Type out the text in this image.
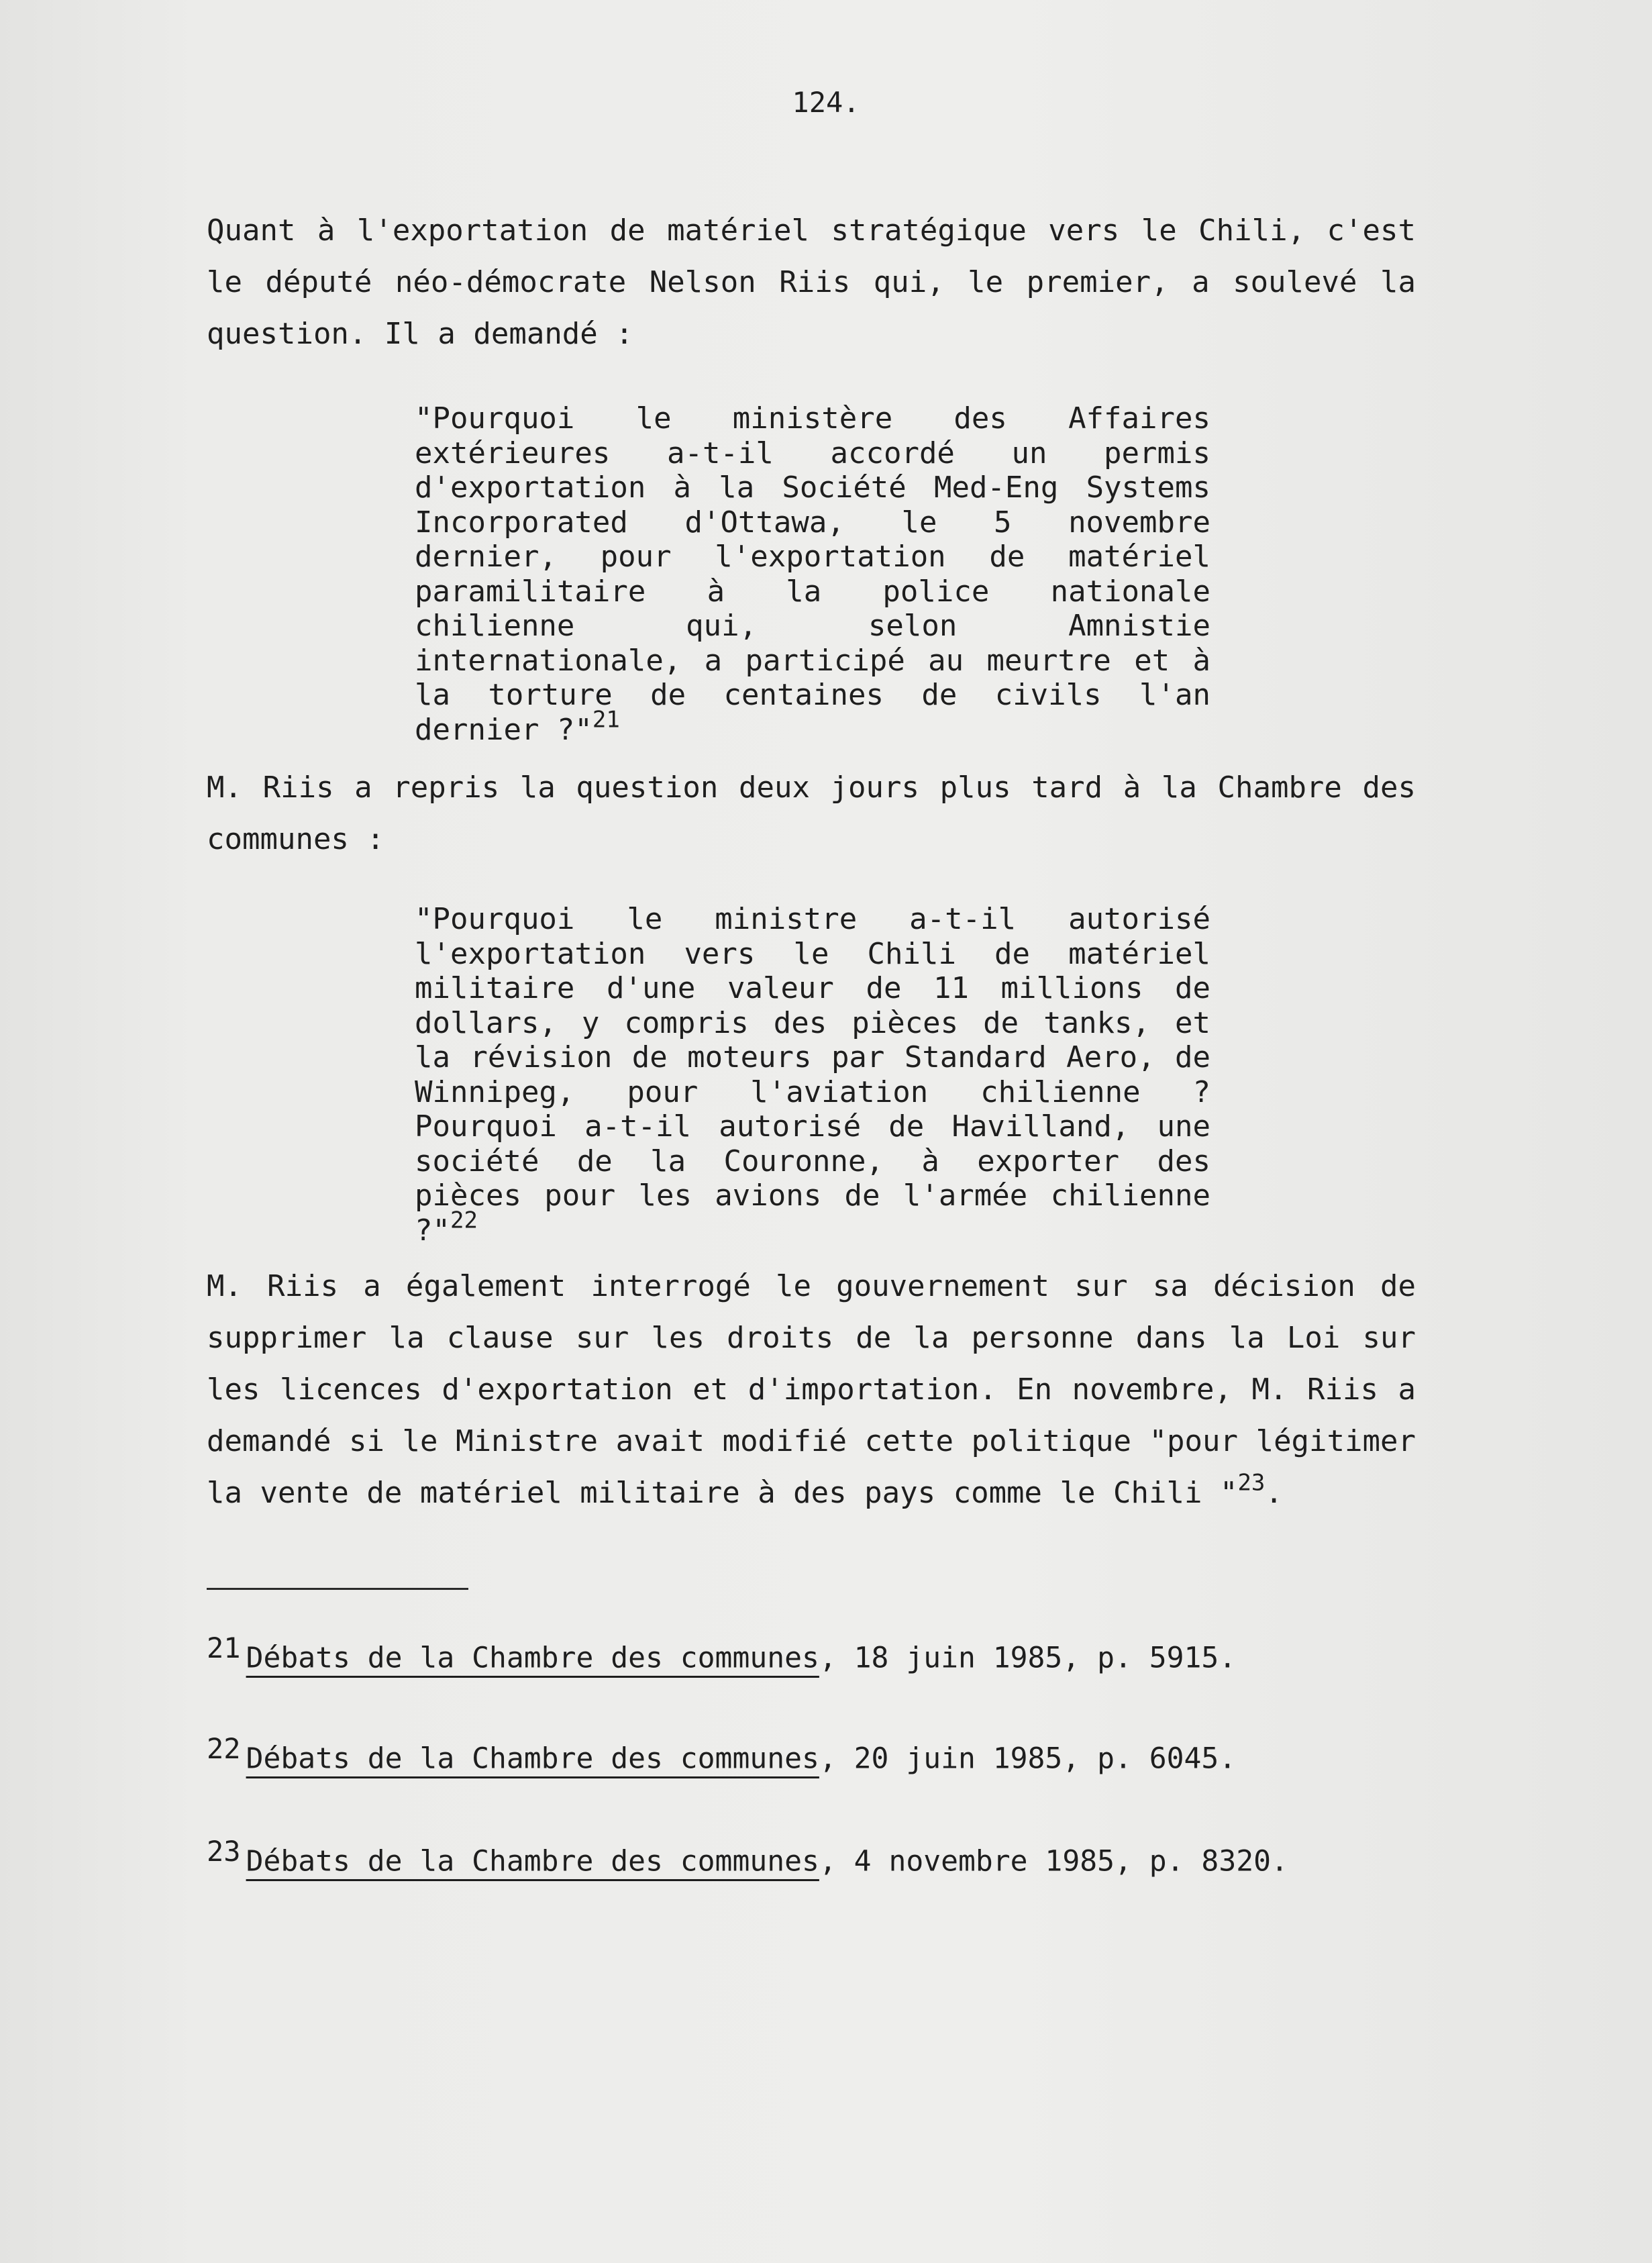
124.

Quant à l'exportation de matériel stratégique vers le Chili, c'est le député néo-démocrate Nelson Riis qui, le premier, a soulevé la question. Il a demandé :

"Pourquoi le ministère des Affaires extérieures a-t-il accordé un permis d'exportation à la Société Med-Eng Systems Incorporated d'Ottawa, le 5 novembre dernier, pour l'exportation de matériel paramilitaire à la police nationale chilienne qui, selon Amnistie internationale, a participé au meurtre et à la torture de centaines de civils l'an dernier ?"$^{21}$

M. Riis a repris la question deux jours plus tard à la Chambre des communes :

"Pourquoi le ministre a-t-il autorisé l'exportation vers le Chili de matériel militaire d'une valeur de 11 millions de dollars, y compris des pièces de tanks, et la révision de moteurs par Standard Aero, de Winnipeg, pour l'aviation chilienne ? Pourquoi a-t-il autorisé de Havilland, une société de la Couronne, à exporter des pièces pour les avions de l'armée chilienne ?"$^{22}$

M. Riis a également interrogé le gouvernement sur sa décision de supprimer la clause sur les droits de la personne dans la Loi sur les licences d'exportation et d'importation. En novembre, M. Riis a demandé si le Ministre avait modifié cette politique "pour légitimer la vente de matériel militaire à des pays comme le Chili "$^{23}$.

21 Débats de la Chambre des communes, 18 juin 1985, p. 5915.

22 Débats de la Chambre des communes, 20 juin 1985, p. 6045.

23 Débats de la Chambre des communes, 4 novembre 1985, p. 8320.
